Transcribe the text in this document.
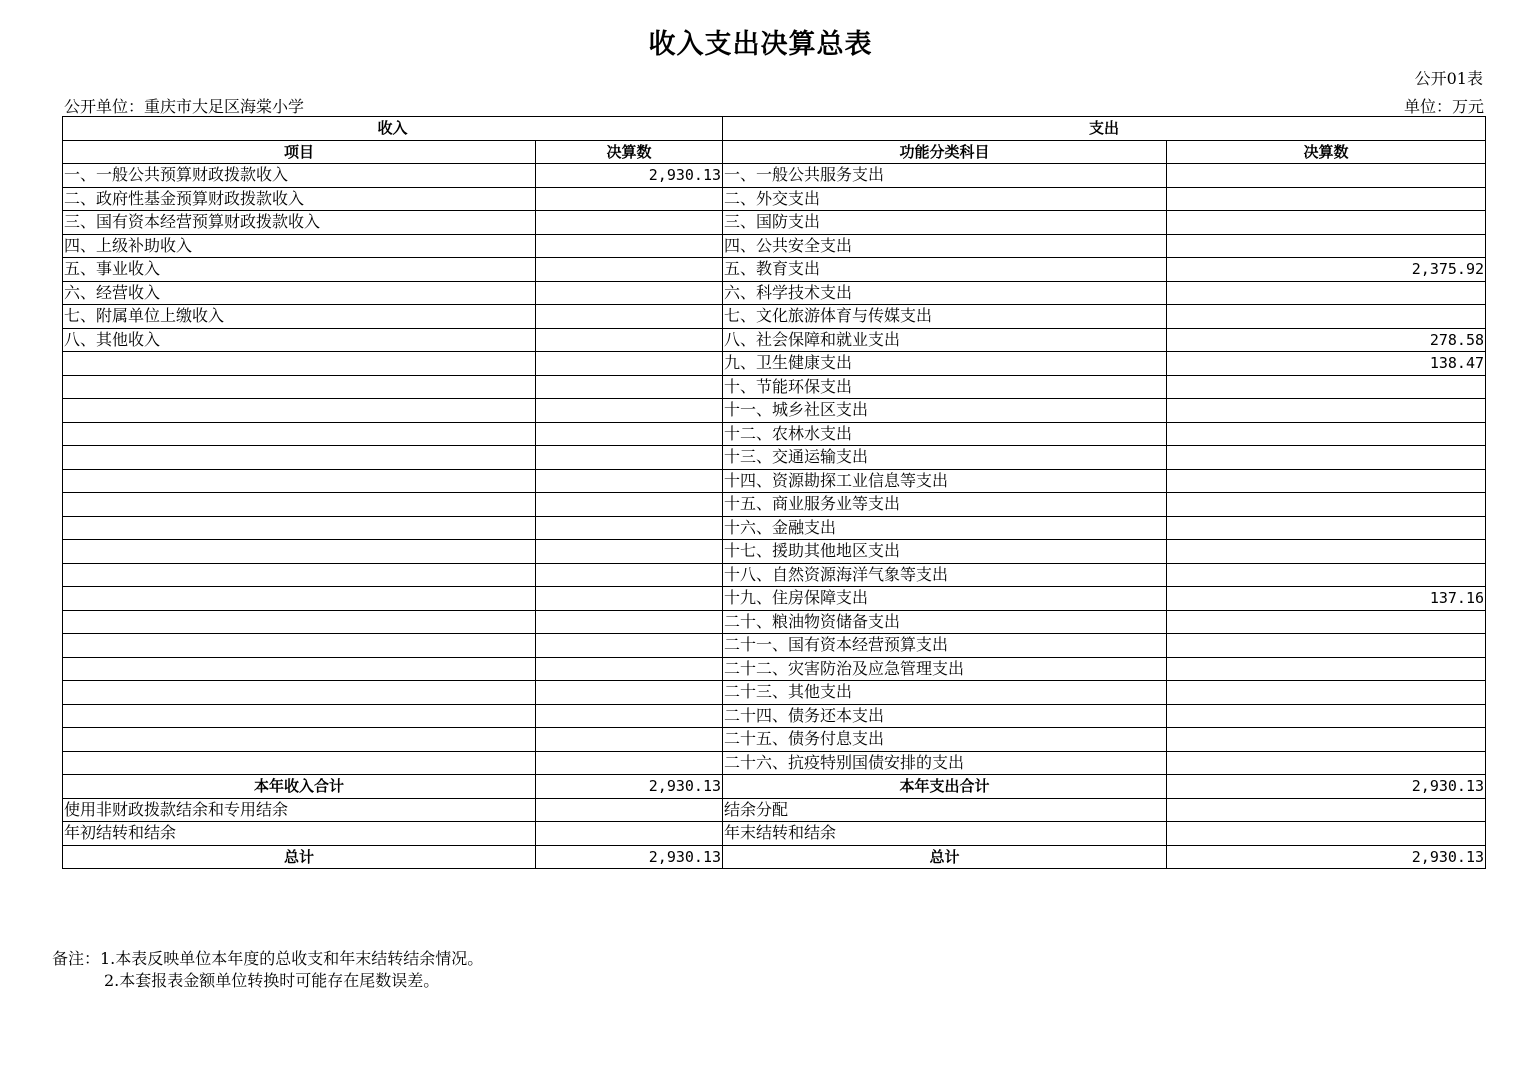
收入支出决算总表
公开01表
公开单位：重庆市大足区海棠小学	单位：万元
收入		支出	
项目	决算数	功能分类科目	决算数
一、一般公共预算财政拨款收入	2,930.13	一、一般公共服务支出	
二、政府性基金预算财政拨款收入		二、外交支出	
三、国有资本经营预算财政拨款收入		三、国防支出	
四、上级补助收入		四、公共安全支出	
五、事业收入		五、教育支出	2,375.92
六、经营收入		六、科学技术支出	
七、附属单位上缴收入		七、文化旅游体育与传媒支出	
八、其他收入		八、社会保障和就业支出	278.58
		九、卫生健康支出	138.47
		十、节能环保支出	
		十一、城乡社区支出	
		十二、农林水支出	
		十三、交通运输支出	
		十四、资源勘探工业信息等支出	
		十五、商业服务业等支出	
		十六、金融支出	
		十七、援助其他地区支出	
		十八、自然资源海洋气象等支出	
		十九、住房保障支出	137.16
		二十、粮油物资储备支出	
		二十一、国有资本经营预算支出	
		二十二、灾害防治及应急管理支出	
		二十三、其他支出	
		二十四、债务还本支出	
		二十五、债务付息支出	
		二十六、抗疫特别国债安排的支出	
本年收入合计	2,930.13	本年支出合计	2,930.13
使用非财政拨款结余和专用结余		结余分配	
年初结转和结余		年末结转和结余	
总计	2,930.13	总计	2,930.13
备注：1.本表反映单位本年度的总收支和年末结转结余情况。
2.本套报表金额单位转换时可能存在尾数误差。
